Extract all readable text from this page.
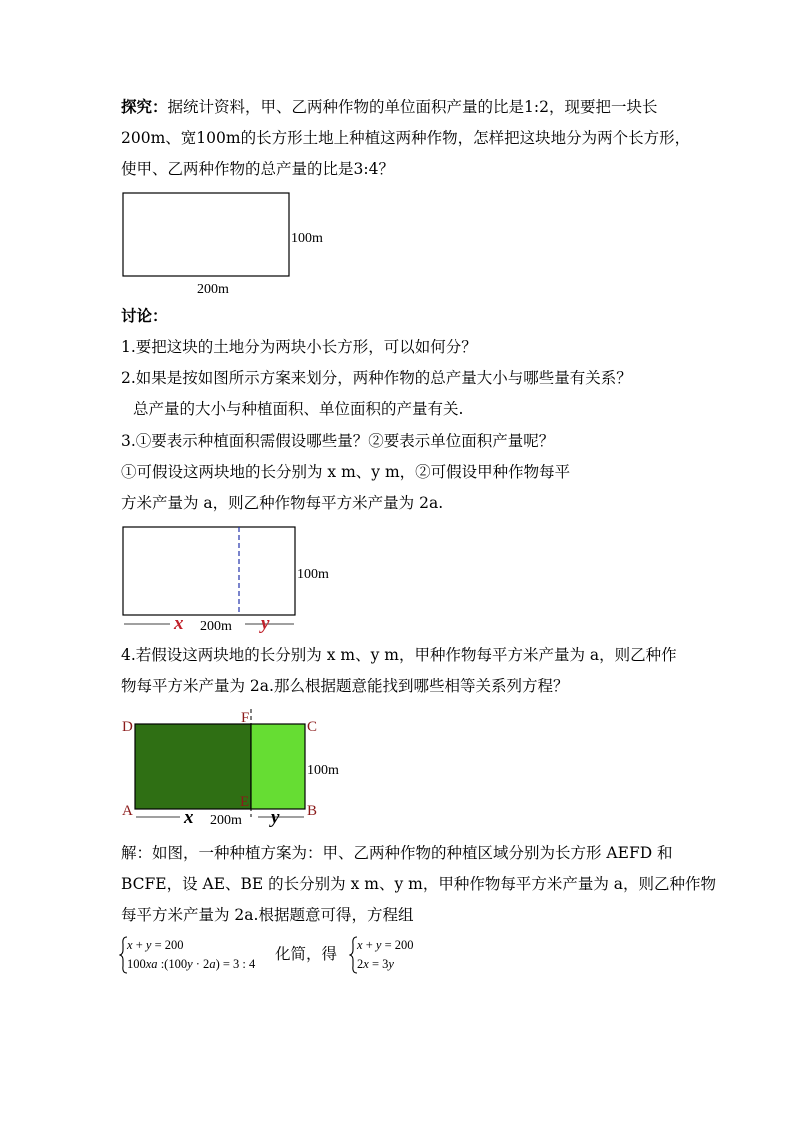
探究：据统计资料，甲、乙两种作物的单位面积产量的比是1:2，现要把一块长
200m、宽100m的长方形土地上种植这两种作物，怎样把这块地分为两个长方形，
使甲、乙两种作物的总产量的比是3:4？
100m
200m
讨论：
1.要把这块的土地分为两块小长方形，可以如何分？
2.如果是按如图所示方案来划分，两种作物的总产量大小与哪些量有关系？
总产量的大小与种植面积、单位面积的产量有关.
3.①要表示种植面积需假设哪些量？②要表示单位面积产量呢？
①可假设这两块地的长分别为 x m、y m，②可假设甲种作物每平
方米产量为 a，则乙种作物每平方米产量为 2a.
100m
x 200m y
4.若假设这两块地的长分别为 x m、y m，甲种作物每平方米产量为 a，则乙种作
物每平方米产量为 2a.那么根据题意能找到哪些相等关系列方程？
D
F
C
A
E
B
100m
x 200m y
解：如图，一种种植方案为：甲、乙两种作物的种植区域分别为长方形 AEFD 和
BCFE，设 AE、BE 的长分别为 x m、y m，甲种作物每平方米产量为 a，则乙种作物
每平方米产量为 2a.根据题意可得，方程组
x + y = 200
100xa :(100y · 2a) = 3 : 4
化简，得 x + y = 200
2x = 3y
